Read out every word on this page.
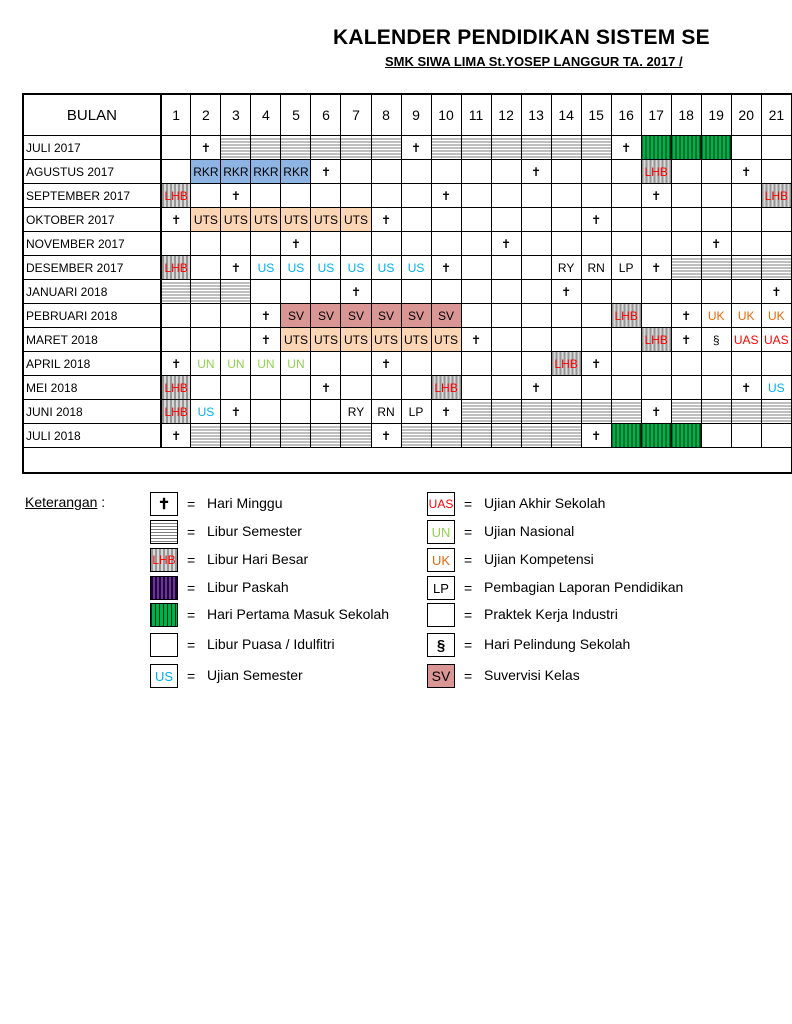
KALENDER PENDIDIKAN SISTEM SE
SMK SIWA LIMA St.YOSEP LANGGUR TA. 2017 /
BULAN	1	2	3	4	5	6	7	8	9	10	11	12	13	14	15	16	17	18	19	20	21
JULI 2017		✝							✝							✝					
AGUSTUS 2017		RKR	RKR	RKR	RKR	✝							✝				LHB			✝	
SEPTEMBER 2017	LHB		✝							✝							✝				LHB
OKTOBER 2017	✝	UTS	UTS	UTS	UTS	UTS	UTS	✝							✝						
NOVEMBER 2017					✝							✝							✝		
DESEMBER 2017	LHB		✝	US	US	US	US	US	US	✝				RY	RN	LP	✝				
JANUARI 2018							✝							✝							✝
PEBRUARI 2018				✝	SV	SV	SV	SV	SV	SV						LHB		✝	UK	UK	UK
MARET 2018				✝	UTS	UTS	UTS	UTS	UTS	UTS	✝						LHB	✝	§	UAS	UAS
APRIL 2018	✝	UN	UN	UN	UN			✝						LHB	✝						
MEI 2018	LHB					✝				LHB			✝							✝	US
JUNI 2018	LHB	US	✝				RY	RN	LP	✝							✝				
JULI 2018	✝							✝							✝						

Keterangan :	✝	= Hari Minggu
= Libur Semester
LHB = Libur Hari Besar
= Libur Paskah
= Hari Pertama Masuk Sekolah
= Libur Puasa / Idulfitri
US = Ujian Semester
UAS = Ujian Akhir Sekolah
UN = Ujian Nasional
UK = Ujian Kompetensi
LP	= Pembagian Laporan Pendidikan
= Praktek Kerja Industri
§	= Hari Pelindung Sekolah
SV = Suvervisi Kelas
